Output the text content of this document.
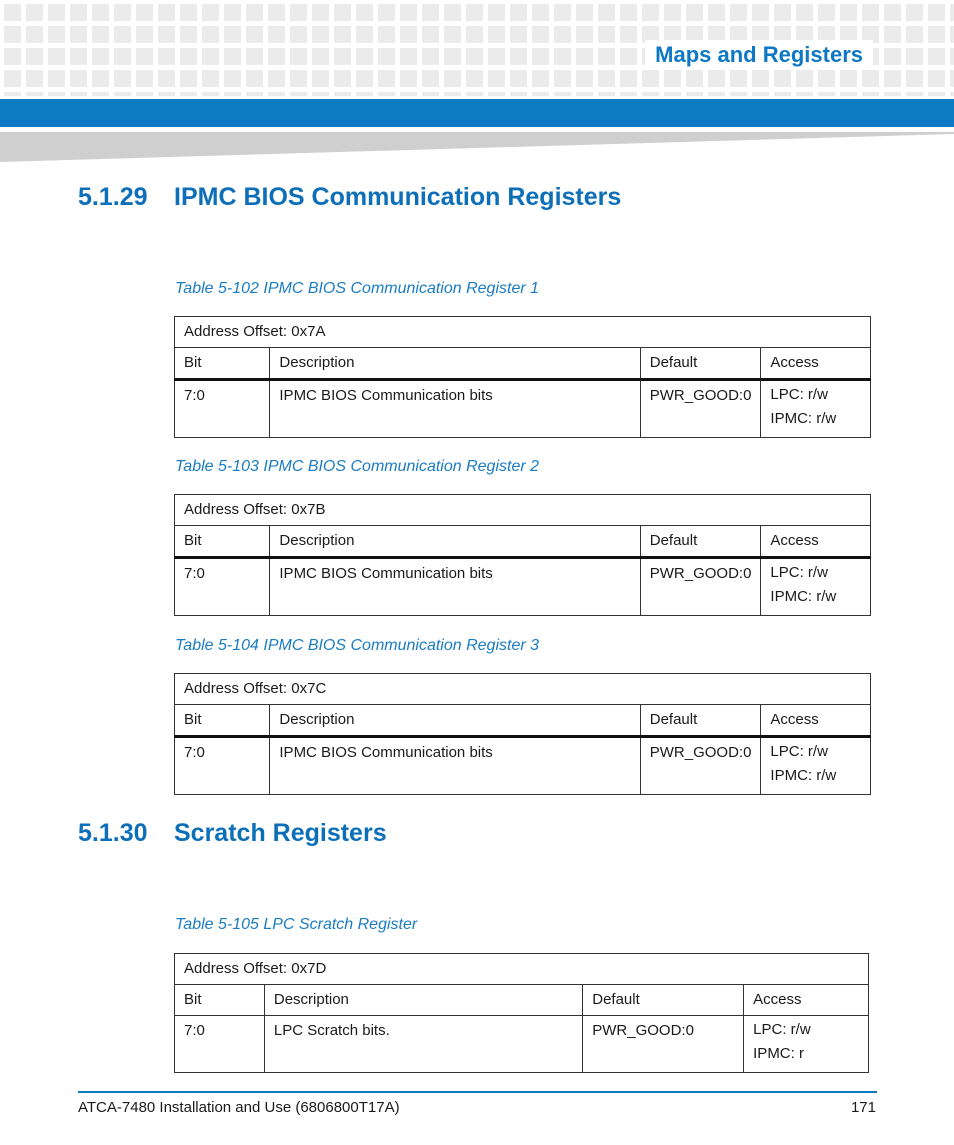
Maps and Registers
5.1.29 IPMC BIOS Communication Registers

Table 5-102 IPMC BIOS Communication Register 1

Address Offset: 0x7A			
Bit	Description	Default	Access
7:0	IPMC BIOS Communication bits	PWR_GOOD:0	LPC: r/w
IPMC: r/w

Table 5-103 IPMC BIOS Communication Register 2

Address Offset: 0x7B			
Bit	Description	Default	Access
7:0	IPMC BIOS Communication bits	PWR_GOOD:0	LPC: r/w
IPMC: r/w

Table 5-104 IPMC BIOS Communication Register 3

Address Offset: 0x7C			
Bit	Description	Default	Access
7:0	IPMC BIOS Communication bits	PWR_GOOD:0	LPC: r/w
IPMC: r/w
5.1.30 Scratch Registers

Table 5-105 LPC Scratch Register

Address Offset: 0x7D			
Bit	Description	Default	Access
7:0	LPC Scratch bits.	PWR_GOOD:0	LPC: r/w
IPMC: r

ATCA-7480 Installation and Use (6806800T17A)	171
